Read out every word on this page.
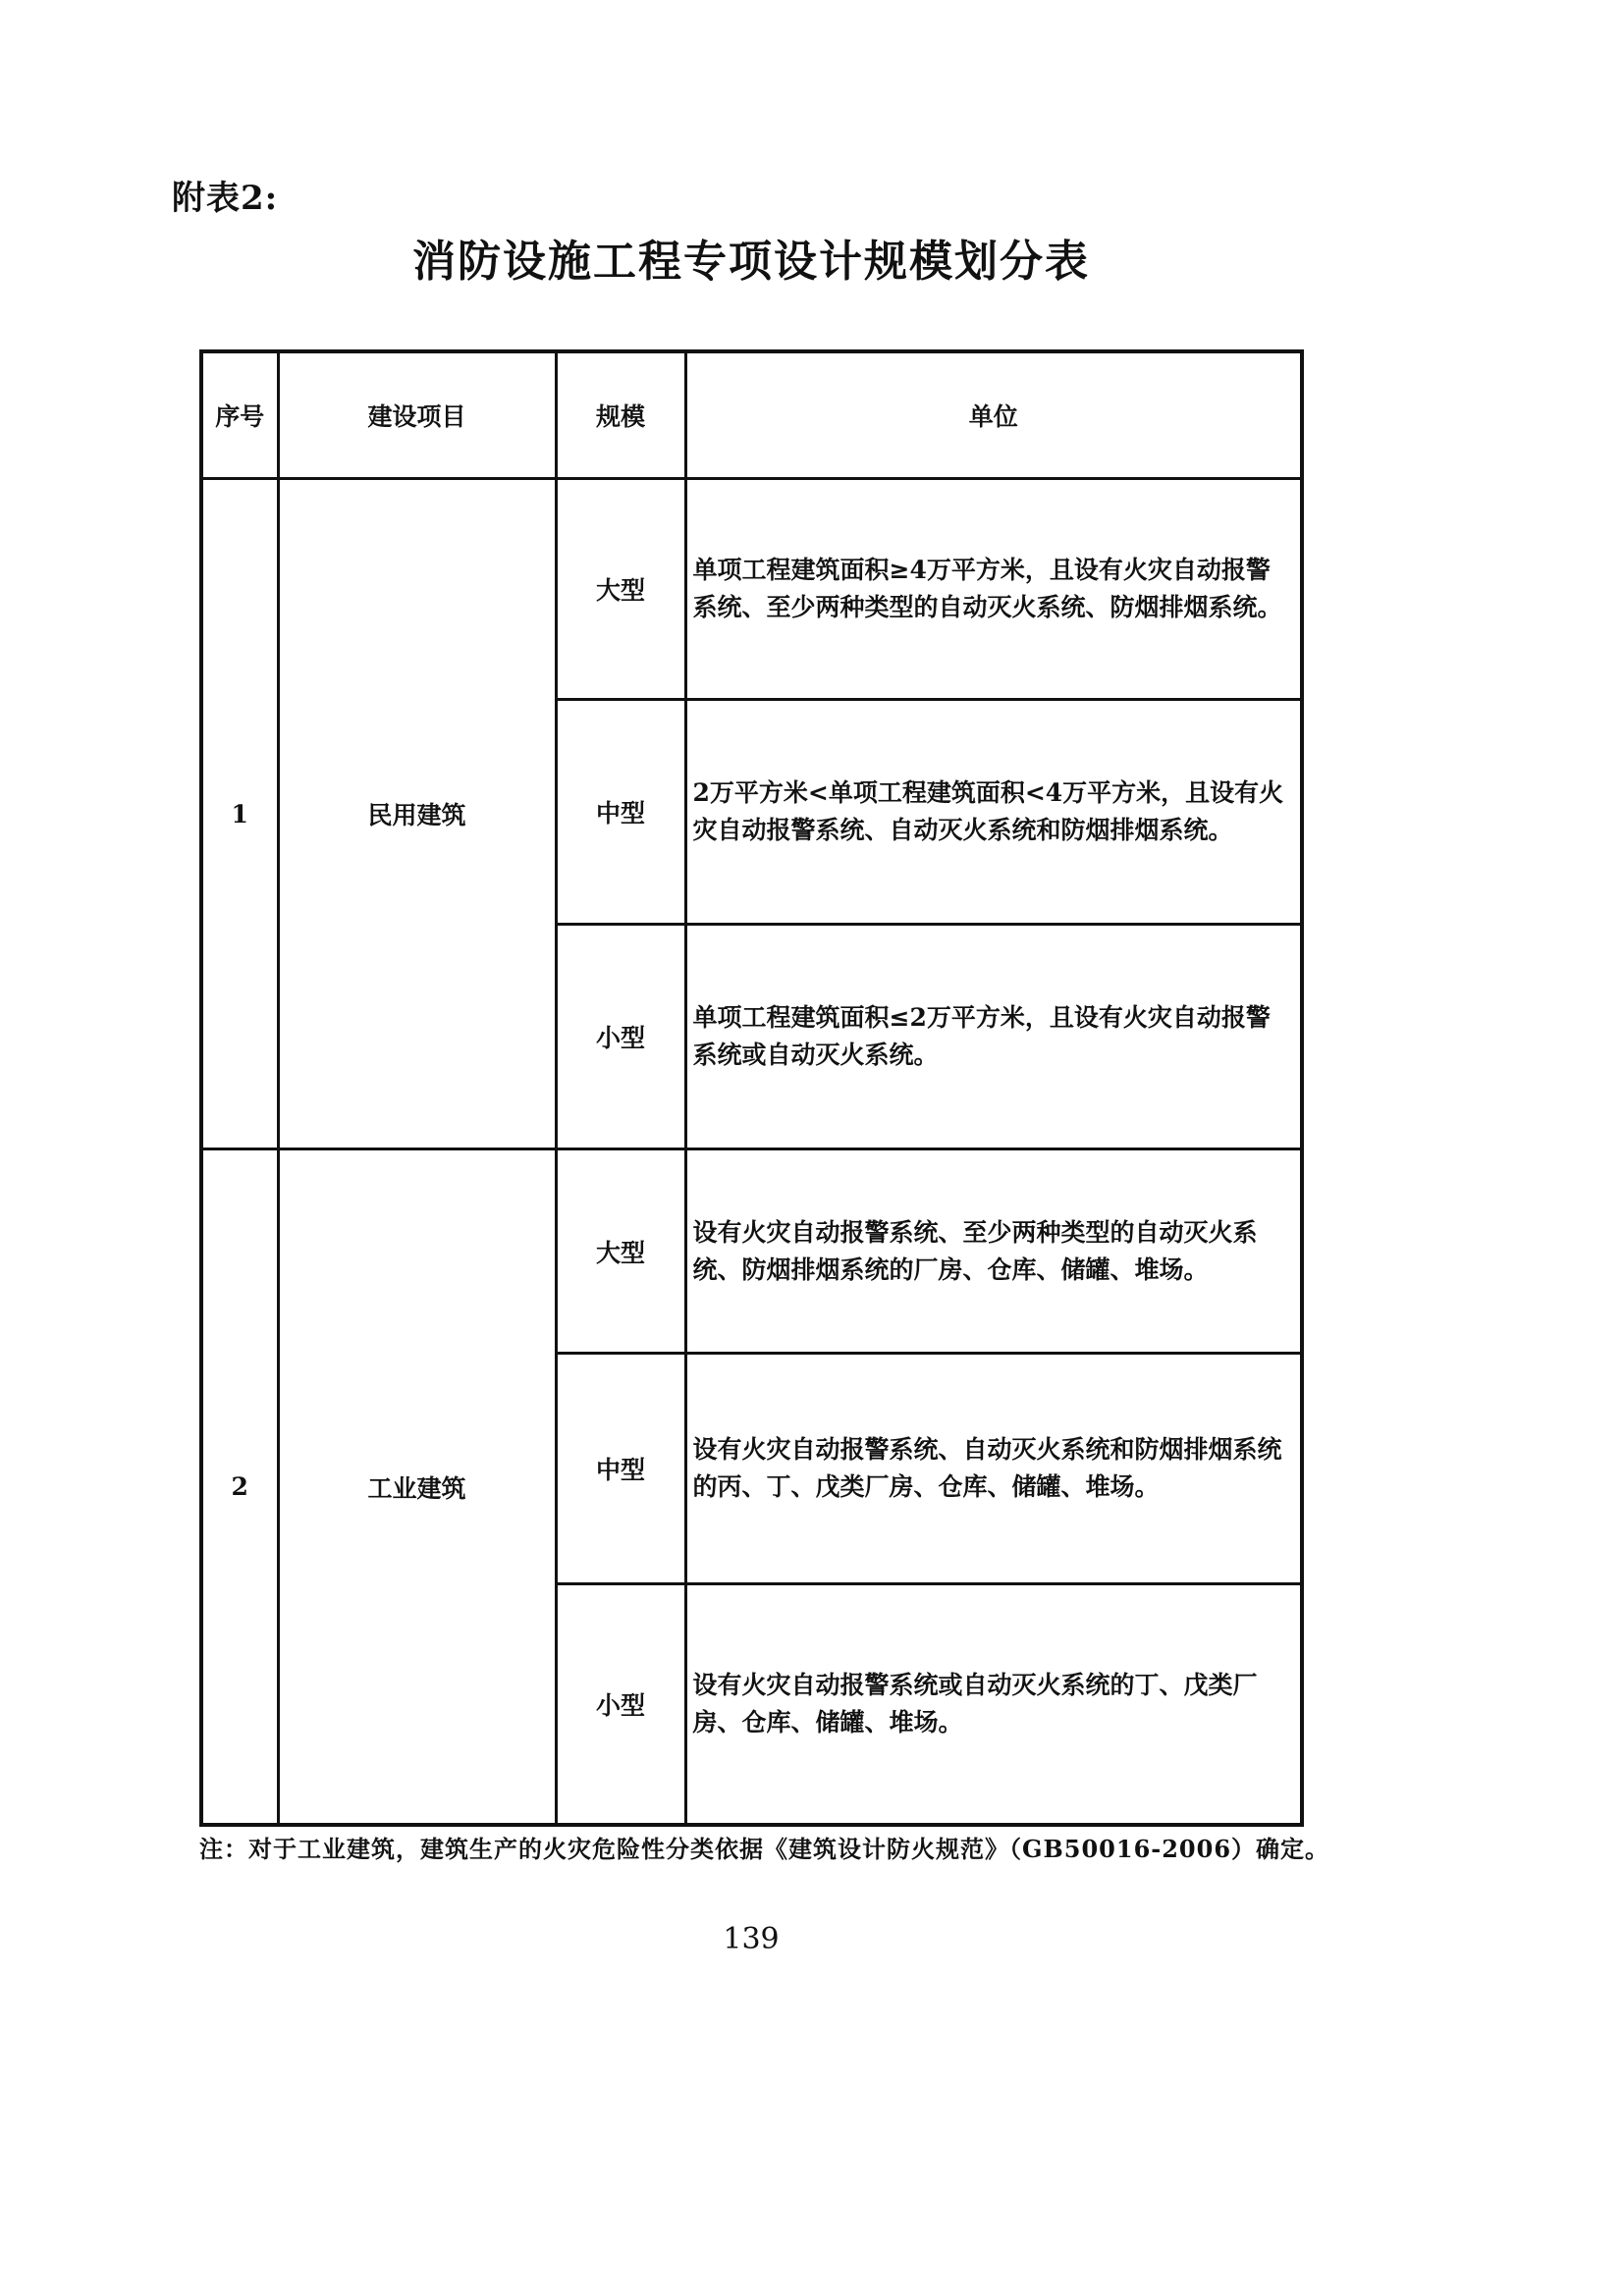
附表2:
消防设施工程专项设计规模划分表
序号	建设项目	规模	单位
1	民用建筑	大型	单项工程建筑面积≥4万平方米，且设有火灾自动报警系统、至少两种类型的自动灭火系统、防烟排烟系统。
		中型	2万平方米<单项工程建筑面积<4万平方米，且设有火灾自动报警系统、自动灭火系统和防烟排烟系统。
		小型	单项工程建筑面积≤2万平方米，且设有火灾自动报警系统或自动灭火系统。
2	工业建筑	大型	设有火灾自动报警系统、至少两种类型的自动灭火系统、防烟排烟系统的厂房、仓库、储罐、堆场。
		中型	设有火灾自动报警系统、自动灭火系统和防烟排烟系统的丙、丁、戊类厂房、仓库、储罐、堆场。
		小型	设有火灾自动报警系统或自动灭火系统的丁、戊类厂房、仓库、储罐、堆场。
注：对于工业建筑，建筑生产的火灾危险性分类依据《建筑设计防火规范》（GB50016-2006）确定。
139
